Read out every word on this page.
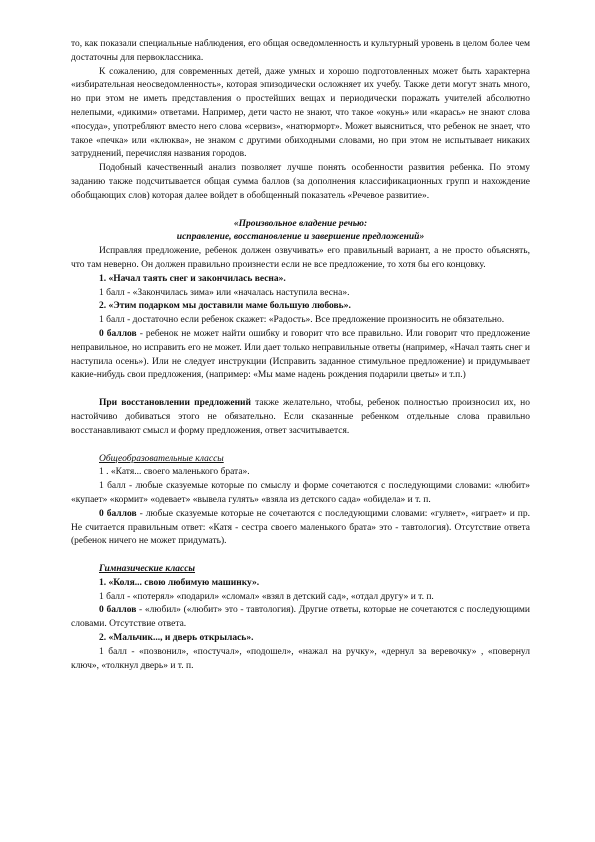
то, как показали специальные наблюдения, его общая осведомленность и культурный уровень в целом более чем достаточны для первоклассника.

К сожалению, для современных детей, даже умных и хорошо подготовленных может быть характерна «избирательная неосведомленность», которая эпизодически осложняет их учебу. Также дети могут знать много, но при этом не иметь представления о простейших вещах и периодически поражать учителей абсолютно нелепыми, «дикими» ответами. Например, дети часто не знают, что такое «окунь» или «карась» не знают слова «посуда», употребляют вместо него слова «сервиз», «натюрморт». Может выясниться, что ребенок не знает, что такое «печка» или «клюква», не знаком с другими обиходными словами, но при этом не испытывает никаких затруднений, перечисляя названия городов.

Подобный качественный анализ позволяет лучше понять особенности развития ребенка. По этому заданию также подсчитывается общая сумма баллов (за дополнения классификационных групп и нахождение обобщающих слов) которая далее войдет в обобщенный показатель «Речевое развитие».

«Произвольное владение речью:

исправление, восстановление и завершение предложений»

Исправляя предложение, ребенок должен озвучивать» его правильный вариант, а не просто объяснять, что там неверно. Он должен правильно произнести если не все предложение, то хотя бы его концовку.

1. «Начал таять снег и закончилась весна».

1 балл - «Закончилась зима» или «началась наступила весна».

2. «Этим подарком мы доставили маме большую любовь».

1 балл - достаточно если ребенок скажет: «Радость». Все предложение произносить не обязательно.

0 баллов - ребенок не может найти ошибку и говорит что все правильно. Или говорит что предложение неправильное, но исправить его не может. Или дает только неправильные ответы (например, «Начал таять снег и наступила осень»). Или не следует инструкции (Исправить заданное стимульное предложение) и придумывает какие-нибудь свои предложения, (например: «Мы маме надень рождения подарили цветы» и т.п.)

При восстановлении предложений также желательно, чтобы, ребенок полностью произносил их, но настойчиво добиваться этого не обязательно. Если сказанные ребенком отдельные слова правильно восстанавливают смысл и форму предложения, ответ засчитывается.

Общеобразовательные классы

1 . «Катя... своего маленького брата».

1 балл - любые сказуемые которые по смыслу и форме сочетаются с последующими словами: «любит» «купает» «кормит» «одевает» «вывела гулять» «взяла из детского сада» «обидела» и т. п.

0 баллов - любые сказуемые которые не сочетаются с последующими словами: «гуляет», «играет» и пр. Не считается правильным ответ: «Катя - сестра своего маленького брата» это - тавтология). Отсутствие ответа (ребенок ничего не может придумать).

Гимназические классы

1. «Коля... свою любимую машинку».

1 балл - «потерял» «подарил» «сломал» «взял в детский сад», «отдал другу» и т. п.

0 баллов - «любил» («любит» это - тавтология). Другие ответы, которые не сочетаются с последующими словами. Отсутствие ответа.

2. «Мальчик..., и дверь открылась».

1 балл - «позвонил», «постучал», «подошел», «нажал на ручку», «дернул за веревочку» , «повернул ключ», «толкнул дверь» и т. п.
